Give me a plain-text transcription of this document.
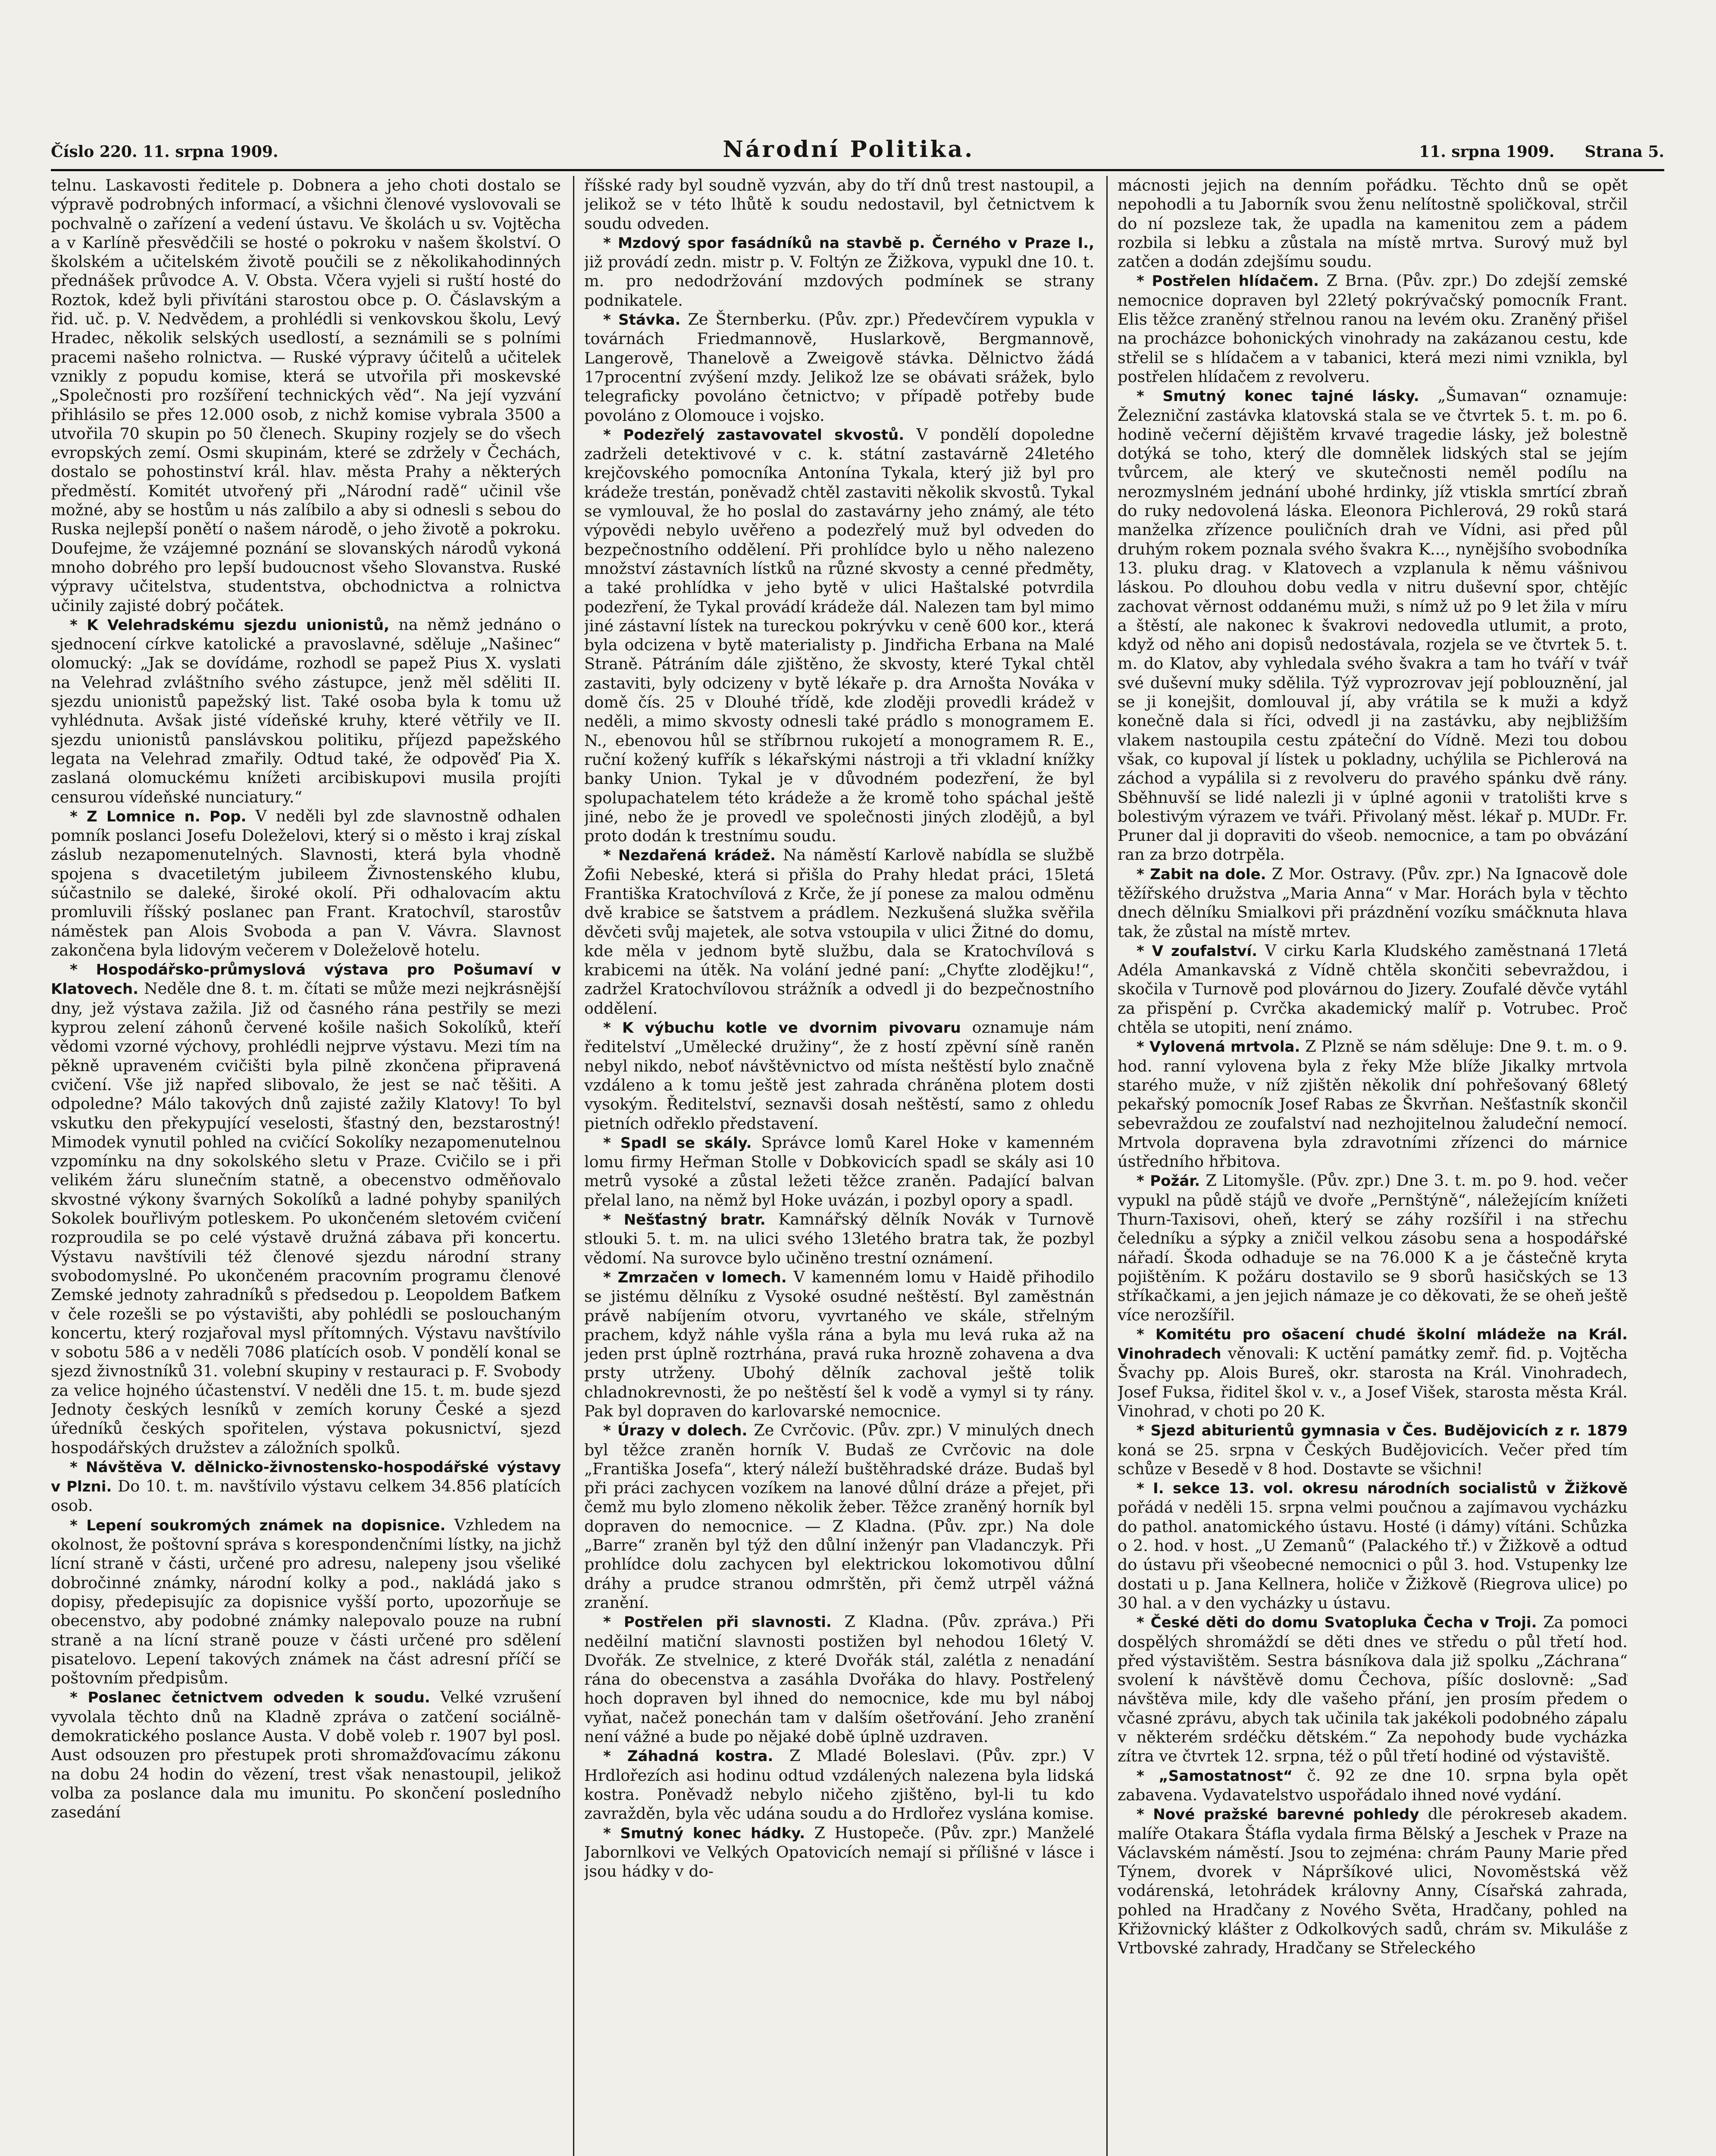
Číslo 220. 11. srpna 1909.	Národní Politika.	11. srpna 1909. Strana 5.

telnu. Laskavosti ředitele p. Dobnera a jeho choti dostalo se výpravě podrobných informací, a všichni členové vyslovovali se pochvalně o zařízení a vedení ústavu. Ve školách u sv. Vojtěcha a v Karlíně přesvědčili se hosté o pokroku v našem školství. O školském a učitelském životě poučili se z několikahodinných přednášek průvodce A. V. Obsta. Včera vyjeli si ruští hosté do Roztok, kdež byli přivítáni starostou obce p. O. Čáslavským a řid. uč. p. V. Nedvědem, a prohlédli si venkovskou školu, Levý Hradec, několik selských usedlostí, a seznámili se s polními pracemi našeho rolnictva. — Ruské výpravy účitelů a učitelek vznikly z popudu komise, která se utvořila při moskevské „Společnosti pro rozšíření technických věd“. Na její vyzvání přihlásilo se přes 12.000 osob, z nichž komise vybrala 3500 a utvořila 70 skupin po 50 členech. Skupiny rozjely se do všech evropských zemí. Osmi skupinám, které se zdržely v Čechách, dostalo se pohostinství král. hlav. města Prahy a některých předměstí. Komitét utvořený při „Národní radě“ učinil vše možné, aby se hostům u nás zalíbilo a aby si odnesli s sebou do Ruska nejlepší ponětí o našem národě, o jeho životě a pokroku. Doufejme, že vzájemné poznání se slovanských národů vykoná mnoho dobrého pro lepší budoucnost všeho Slovanstva. Ruské výpravy učitelstva, studentstva, obchodnictva a rolnictva učinily zajisté dobrý počátek.

* K Velehradskému sjezdu unionistů, na němž jednáno o sjednocení církve katolické a pravoslavné, sděluje „Našinec“ olomucký: „Jak se dovídáme, rozhodl se papež Pius X. vyslati na Velehrad zvláštního svého zástupce, jenž měl sděliti II. sjezdu unionistů papežský list. Také osoba byla k tomu už vyhlédnuta. Avšak jisté vídeňské kruhy, které větřily ve II. sjezdu unionistů panslávskou politiku, příjezd papežského legata na Velehrad zmařily. Odtud také, že odpověď Pia X. zaslaná olomuckému knížeti arcibiskupovi musila projíti censurou vídeňské nunciatury.“

* Z Lomnice n. Pop. V neděli byl zde slavnostně odhalen pomník poslanci Josefu Doleželovi, který si o město i kraj získal záslub nezapomenutelných. Slavnosti, která byla vhodně spojena s dvacetiletým jubileem Živnostenského klubu, súčastnilo se daleké, široké okolí. Při odhalovacím aktu promluvili říšský poslanec pan Frant. Kratochvíl, starostův náměstek pan Alois Svoboda a pan V. Vávra. Slavnost zakončena byla lidovým večerem v Doleželově hotelu.

* Hospodářsko-průmyslová výstava pro Pošumaví v Klatovech. Neděle dne 8. t. m. čítati se může mezi nejkrásnější dny, jež výstava zažila. Již od časného rána pestřily se mezi kyprou zelení záhonů červené košile našich Sokolíků, kteří vědomi vzorné výchovy, prohlédli nejprve výstavu. Mezi tím na pěkně upraveném cvičišti byla pilně zkončena připravená cvičení. Vše již napřed slibovalo, že jest se nač těšiti. A odpoledne? Málo takových dnů zajisté zažily Klatovy! To byl vskutku den překypující veselosti, šťastný den, bezstarostný! Mimodek vynutil pohled na cvičící Sokolíky nezapomenutelnou vzpomínku na dny sokolského sletu v Praze. Cvičilo se i při velikém žáru slunečním statně, a obecenstvo odměňovalo skvostné výkony švarných Sokolíků a ladné pohyby spanilých Sokolek bouřlivým potleskem. Po ukončeném sletovém cvičení rozproudila se po celé výstavě družná zábava při koncertu. Výstavu navštívili též členové sjezdu národní strany svobodomyslné. Po ukončeném pracovním programu členové Zemské jednoty zahradníků s předsedou p. Leopoldem Baťkem v čele rozešli se po výstavišti, aby pohlédli se poslouchaným koncertu, který rozjařoval mysl přítomných. Výstavu navštívilo v sobotu 586 a v neděli 7086 platících osob. V pondělí konal se sjezd živnostníků 31. volební skupiny v restauraci p. F. Svobody za velice hojného účastenství. V neděli dne 15. t. m. bude sjezd Jednoty českých lesníků v zemích koruny České a sjezd úředníků českých spořitelen, výstava pokusnictví, sjezd hospodářských družstev a záložních spolků.

* Návštěva V. dělnicko-živnostensko-hospodářské výstavy v Plzni. Do 10. t. m. navštívilo výstavu celkem 34.856 platících osob.

* Lepení soukromých známek na dopisnice. Vzhledem na okolnost, že poštovní správa s korespondenčními lístky, na jichž lícní straně v části, určené pro adresu, nalepeny jsou všeliké dobročinné známky, národní kolky a pod., nakládá jako s dopisy, předepisujíc za dopisnice vyšší porto, upozorňuje se obecenstvo, aby podobné známky nalepovalo pouze na rubní straně a na lícní straně pouze v části určené pro sdělení pisatelovo. Lepení takových známek na část adresní příčí se poštovním předpisům.

* Poslanec četnictvem odveden k soudu. Velké vzrušení vyvolala těchto dnů na Kladně zpráva o zatčení sociálně-demokratického poslance Austa. V době voleb r. 1907 byl posl. Aust odsouzen pro přestupek proti shromažďovacímu zákonu na dobu 24 hodin do vězení, trest však nenastoupil, jelikož volba za poslance dala mu imunitu. Po skončení posledního zasedání

říšské rady byl soudně vyzván, aby do tří dnů trest nastoupil, a jelikož se v této lhůtě k soudu nedostavil, byl četnictvem k soudu odveden.

* Mzdový spor fasádníků na stavbě p. Černého v Praze I., již provádí zedn. mistr p. V. Foltýn ze Žižkova, vypukl dne 10. t. m. pro nedodržování mzdových podmínek se strany podnikatele.

* Stávka. Ze Šternberku. (Pův. zpr.) Předevčírem vypukla v továrnách Friedmannově, Huslarkově, Bergmannově, Langerově, Thanelově a Zweigově stávka. Dělnictvo žádá 17procentní zvýšení mzdy. Jelikož lze se obávati srážek, bylo telegraficky povoláno četnictvo; v případě potřeby bude povoláno z Olomouce i vojsko.

* Podezřelý zastavovatel skvostů. V pondělí dopoledne zadrželi detektivové v c. k. státní zastavárně 24letého krejčovského pomocníka Antonína Tykala, který již byl pro krádeže trestán, poněvadž chtěl zastaviti několik skvostů. Tykal se vymlouval, že ho poslal do zastavárny jeho známý, ale této výpovědi nebylo uvěřeno a podezřelý muž byl odveden do bezpečnostního oddělení. Při prohlídce bylo u něho nalezeno množství zástavních lístků na různé skvosty a cenné předměty, a také prohlídka v jeho bytě v ulici Haštalské potvrdila podezření, že Tykal provádí krádeže dál. Nalezen tam byl mimo jiné zástavní lístek na tureckou pokrývku v ceně 600 kor., která byla odcizena v bytě materialisty p. Jindřicha Erbana na Malé Straně. Pátráním dále zjištěno, že skvosty, které Tykal chtěl zastaviti, byly odcizeny v bytě lékaře p. dra Arnošta Nováka v domě čís. 25 v Dlouhé třídě, kde zloději provedli krádež v neděli, a mimo skvosty odnesli také prádlo s monogramem E. N., ebenovou hůl se stříbrnou rukojetí a monogramem R. E., ruční kožený kufřík s lékařskými nástroji a tři vkladní knížky banky Union. Tykal je v důvodném podezření, že byl spolupachatelem této krádeže a že kromě toho spáchal ještě jiné, nebo že je provedl ve společnosti jiných zlodějů, a byl proto dodán k trestnímu soudu.

* Nezdařená krádež. Na náměstí Karlově nabídla se službě Žofii Nebeské, která si přišla do Prahy hledat práci, 15letá Františka Kratochvílová z Krče, že jí ponese za malou odměnu dvě krabice se šatstvem a prádlem. Nezkušená služka svěřila děvčeti svůj majetek, ale sotva vstoupila v ulici Žitné do domu, kde měla v jednom bytě službu, dala se Kratochvílová s krabicemi na útěk. Na volání jedné paní: „Chyťte zlodějku!“, zadržel Kratochvílovou strážník a odvedl ji do bezpečnostního oddělení.

* K výbuchu kotle ve dvornim pivovaru oznamuje nám ředitelství „Umělecké družiny“, že z hostí zpěvní síně raněn nebyl nikdo, neboť návštěvnictvo od místa neštěstí bylo značně vzdáleno a k tomu ještě jest zahrada chráněna plotem dosti vysokým. Ředitelství, seznavši dosah neštěstí, samo z ohledu pietních odřeklo představení.

* Spadl se skály. Správce lomů Karel Hoke v kamenném lomu firmy Heřman Stolle v Dobkovicích spadl se skály asi 10 metrů vysoké a zůstal ležeti těžce zraněn. Padající balvan přelal lano, na němž byl Hoke uvázán, i pozbyl opory a spadl.

* Nešťastný bratr. Kamnářský dělník Novák v Turnově stlouki 5. t. m. na ulici svého 13letého bratra tak, že pozbyl vědomí. Na surovce bylo učiněno trestní oznámení.

* Zmrzačen v lomech. V kamenném lomu v Haidě přihodilo se jistému dělníku z Vysoké osudné neštěstí. Byl zaměstnán právě nabíjením otvoru, vyvrtaného ve skále, střelným prachem, když náhle vyšla rána a byla mu levá ruka až na jeden prst úplně roztrhána, pravá ruka hrozně zohavena a dva prsty utrženy. Ubohý dělník zachoval ještě tolik chladnokrevnosti, že po neštěstí šel k vodě a vymyl si ty rány. Pak byl dopraven do karlovarské nemocnice.

* Úrazy v dolech. Ze Cvrčovic. (Pův. zpr.) V minulých dnech byl těžce zraněn horník V. Budaš ze Cvrčovic na dole „Františka Josefa“, který náleží buštěhradské dráze. Budaš byl při práci zachycen vozíkem na lanové důlní dráze a přejet, při čemž mu bylo zlomeno několik žeber. Těžce zraněný horník byl dopraven do nemocnice. — Z Kladna. (Pův. zpr.) Na dole „Barre“ zraněn byl týž den důlní inženýr pan Vladanczyk. Při prohlídce dolu zachycen byl elektrickou lokomotivou důlní dráhy a prudce stranou odmrštěn, při čemž utrpěl vážná zranění.

* Postřelen při slavnosti. Z Kladna. (Pův. zpráva.) Při neděilní matiční slavnosti postižen byl nehodou 16letý V. Dvořák. Ze stvelnice, z které Dvořák stál, zalétla z nenadání rána do obecenstva a zasáhla Dvořáka do hlavy. Postřelený hoch dopraven byl ihned do nemocnice, kde mu byl náboj vyňat, načež ponechán tam v dalším ošetřování. Jeho zranění není vážné a bude po nějaké době úplně uzdraven.

* Záhadná kostra. Z Mladé Boleslavi. (Pův. zpr.) V Hrdlořezích asi hodinu odtud vzdálených nalezena byla lidská kostra. Poněvadž nebylo ničeho zjištěno, byl-li tu kdo zavražděn, byla věc udána soudu a do Hrdlořez vyslána komise.

* Smutný konec hádky. Z Hustopeče. (Pův. zpr.) Manželé Jabornlkovi ve Velkých Opatovicích nemají si přílišné v lásce i jsou hádky v do-

mácnosti jejich na denním pořádku. Těchto dnů se opět nepohodli a tu Jaborník svou ženu nelítostně spoličkoval, strčil do ní pozsleze tak, že upadla na kamenitou zem a pádem rozbila si lebku a zůstala na místě mrtva. Surový muž byl zatčen a dodán zdejšímu soudu.

* Postřelen hlídačem. Z Brna. (Pův. zpr.) Do zdejší zemské nemocnice dopraven byl 22letý pokrývačský pomocník Frant. Elis těžce zraněný střelnou ranou na levém oku. Zraněný přišel na procházce bohonických vinohrady na zakázanou cestu, kde střelil se s hlídačem a v tabanici, která mezi nimi vznikla, byl postřelen hlídačem z revolveru.

* Smutný konec tajné lásky. „Šumavan“ oznamuje: Železniční zastávka klatovská stala se ve čtvrtek 5. t. m. po 6. hodině večerní dějištěm krvavé tragedie lásky, jež bolestně dotýká se toho, který dle domnělek lidských stal se jejím tvůrcem, ale který ve skutečnosti neměl podílu na nerozmyslném jednání ubohé hrdinky, jíž vtiskla smrtící zbraň do ruky nedovolená láska. Eleonora Pichlerová, 29 roků stará manželka zřízence pouličních drah ve Vídni, asi před půl druhým rokem poznala svého švakra K..., nynějšího svobodníka 13. pluku drag. v Klatovech a vzplanula k němu vášnivou láskou. Po dlouhou dobu vedla v nitru duševní spor, chtějíc zachovat věrnost oddanému muži, s nímž už po 9 let žila v míru a štěstí, ale nakonec k švakrovi nedovedla utlumit, a proto, když od něho ani dopisů nedostávala, rozjela se ve čtvrtek 5. t. m. do Klatov, aby vyhledala svého švakra a tam ho tváří v tvář své duševní muky sdělila. Týž vyprozrovav její poblouznění, jal se ji konejšit, domlouval jí, aby vrátila se k muži a když konečně dala si říci, odvedl ji na zastávku, aby nejbližším vlakem nastoupila cestu zpáteční do Vídně. Mezi tou dobou však, co kupoval jí lístek u pokladny, uchýlila se Pichlerová na záchod a vypálila si z revolveru do pravého spánku dvě rány. Sběhnuvší se lidé nalezli ji v úplné agonii v tratolišti krve s bolestivým výrazem ve tváři. Přivolaný měst. lékař p. MUDr. Fr. Pruner dal ji dopraviti do všeob. nemocnice, a tam po obvázání ran za brzo dotrpěla.

* Zabit na dole. Z Mor. Ostravy. (Pův. zpr.) Na Ignacově dole těžířského družstva „Maria Anna“ v Mar. Horách byla v těchto dnech dělníku Smialkovi při prázdnění vozíku smáčknuta hlava tak, že zůstal na místě mrtev.

* V zoufalství. V cirku Karla Kludského zaměstnaná 17letá Adéla Amankavská z Vídně chtěla skončiti sebevraždou, i skočila v Turnově pod plovárnou do Jizery. Zoufalé děvče vytáhl za přispění p. Cvrčka akademický malíř p. Votrubec. Proč chtěla se utopiti, není známo.

* Vylovená mrtvola. Z Plzně se nám sděluje: Dne 9. t. m. o 9. hod. ranní vylovena byla z řeky Mže blíže Jikalky mrtvola starého muže, v níž zjištěn několik dní pohřešovaný 68letý pekařský pomocník Josef Rabas ze Škvrňan. Nešťastník skončil sebevraždou ze zoufalství nad nezhojitelnou žaludeční nemocí. Mrtvola dopravena byla zdravotními zřízenci do márnice ústředního hřbitova.

* Požár. Z Litomyšle. (Pův. zpr.) Dne 3. t. m. po 9. hod. večer vypukl na půdě stájů ve dvoře „Pernštýně“, náležejícím knížeti Thurn-Taxisovi, oheň, který se záhy rozšířil i na střechu čeledníku a sýpky a zničil velkou zásobu sena a hospodářské nářadí. Škoda odhaduje se na 76.000 K a je částečně kryta pojištěním. K požáru dostavilo se 9 sborů hasičských se 13 stříkačkami, a jen jejich námaze je co děkovati, že se oheň ještě více nerozšířil.

* Komitétu pro ošacení chudé školní mládeže na Král. Vinohradech věnovali: K uctění památky zemř. fid. p. Vojtěcha Švachy pp. Alois Bureš, okr. starosta na Král. Vinohradech, Josef Fuksa, řiditel škol v. v., a Josef Višek, starosta města Král. Vinohrad, v choti po 20 K.

* Sjezd abiturientů gymnasia v Čes. Budějovicích z r. 1879 koná se 25. srpna v Českých Budějovicích. Večer před tím schůze v Besedě v 8 hod. Dostavte se všichni!

* I. sekce 13. vol. okresu národních socialistů v Žižkově pořádá v neděli 15. srpna velmi poučnou a zajímavou vycházku do pathol. anatomického ústavu. Hosté (i dámy) vítáni. Schůzka o 2. hod. v host. „U Zemanů“ (Palackého tř.) v Žižkově a odtud do ústavu při všeobecné nemocnici o půl 3. hod. Vstupenky lze dostati u p. Jana Kellnera, holiče v Žižkově (Riegrova ulice) po 30 hal. a v den vycházky u ústavu.

* České děti do domu Svatopluka Čecha v Troji. Za pomoci dospělých shromáždí se děti dnes ve středu o půl třetí hod. před výstavištěm. Sestra básníkova dala již spolku „Záchrana“ svolení k návštěvě domu Čechova, píšíc doslovně: „Saď návštěva mile, kdy dle vašeho přání, jen prosím předem o včasné zprávu, abych tak učinila tak jakékoli podobného zápalu v některém srdéčku dětském.“ Za nepohody bude vycházka zítra ve čtvrtek 12. srpna, též o půl třetí hodiné od výstaviště.

* „Samostatnost“ č. 92 ze dne 10. srpna byla opět zabavena. Vydavatelstvo uspořádalo ihned nové vydání.

* Nové pražské barevné pohledy dle pérokreseb akadem. malíře Otakara Štáfla vydala firma Bělský a Jeschek v Praze na Václavském náměstí. Jsou to zejména: chrám Pauny Marie před Týnem, dvorek v Nápršíkové ulici, Novoměstská věž vodárenská, letohrádek královny Anny, Císařská zahrada, pohled na Hradčany z Nového Světa, Hradčany, pohled na Křižovnický klášter z Odkolkových sadů, chrám sv. Mikuláše z Vrtbovské zahrady, Hradčany se Střeleckého
